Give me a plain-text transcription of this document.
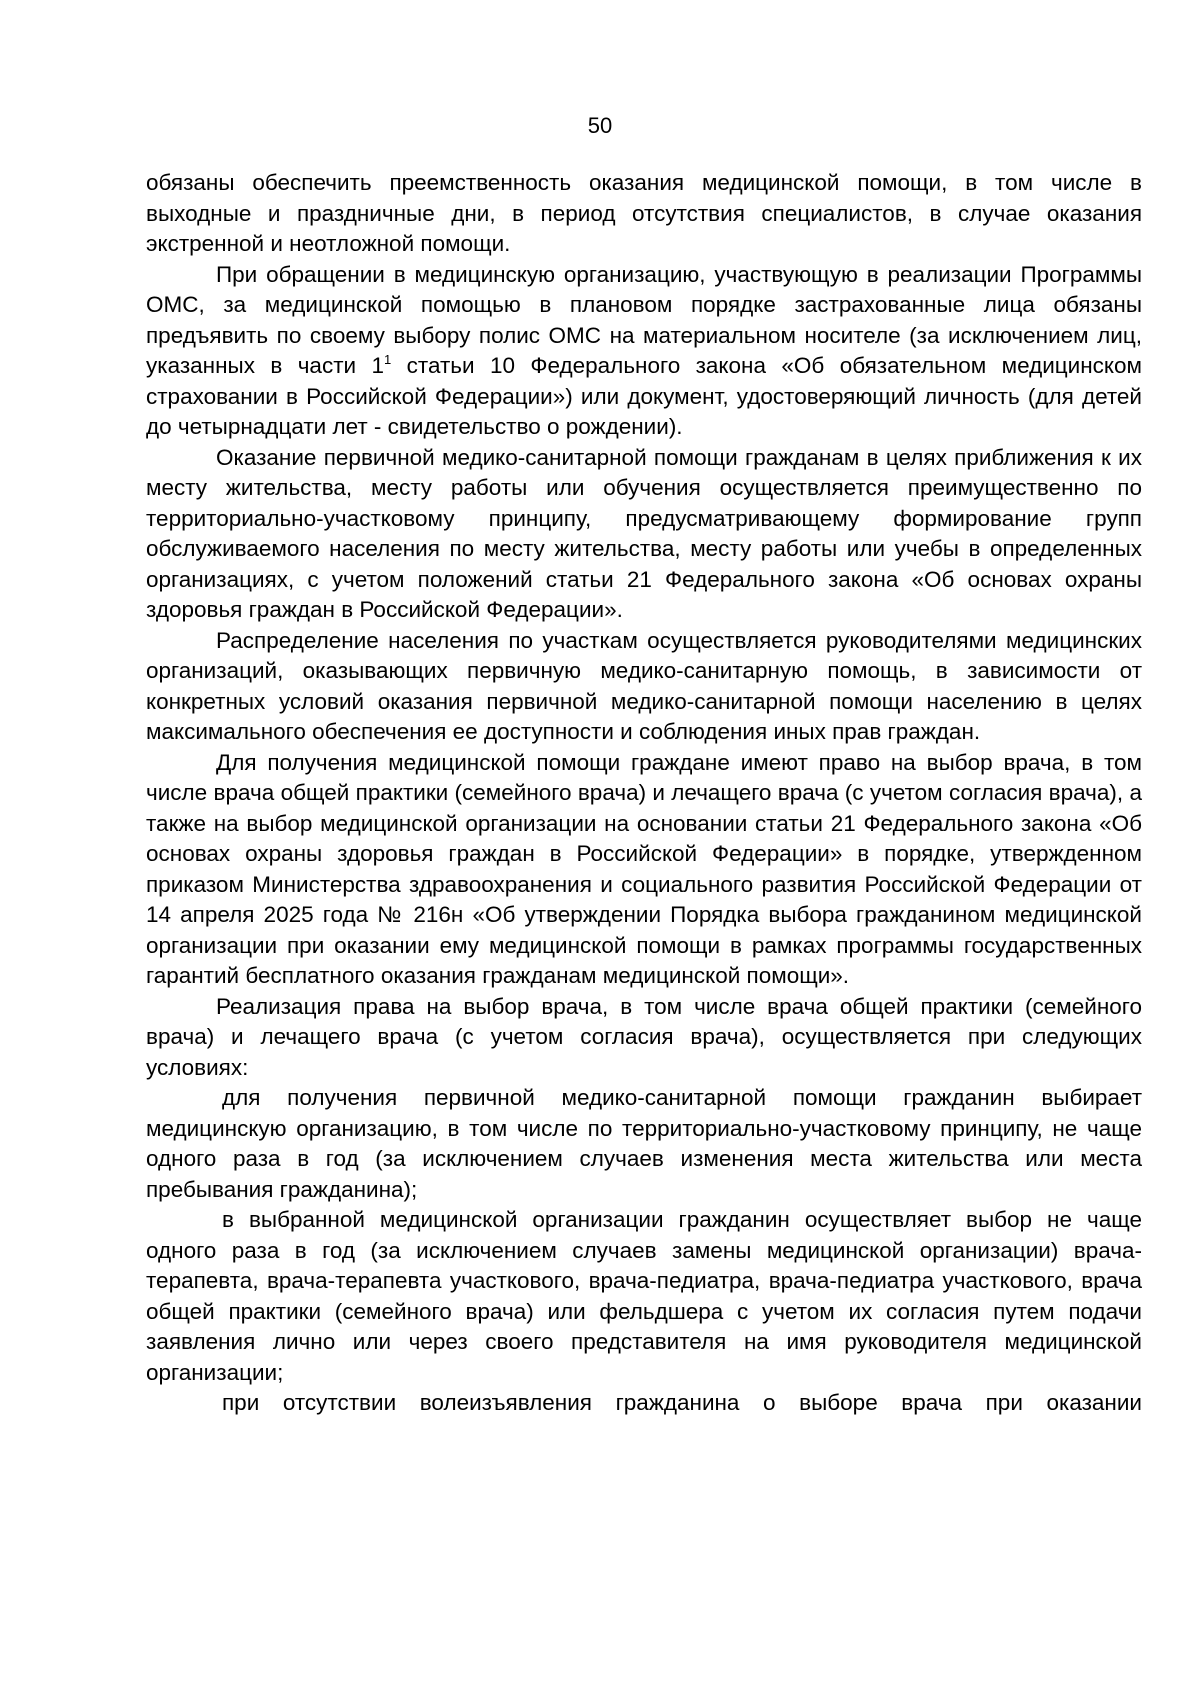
50

обязаны обеспечить преемственность оказания медицинской помощи, в том числе в выходные и праздничные дни, в период отсутствия специалистов, в случае оказания экстренной и неотложной помощи.

При обращении в медицинскую организацию, участвующую в реализации Программы ОМС, за медицинской помощью в плановом порядке застрахованные лица обязаны предъявить по своему выбору полис ОМС на материальном носителе (за исключением лиц, указанных в части $1^1$ статьи 10 Федерального закона «Об обязательном медицинском страховании в Российской Федерации») или документ, удостоверяющий личность (для детей до четырнадцати лет - свидетельство о рождении).

Оказание первичной медико-санитарной помощи гражданам в целях приближения к их месту жительства, месту работы или обучения осуществляется преимущественно по территориально-участковому принципу, предусматривающему формирование групп обслуживаемого населения по месту жительства, месту работы или учебы в определенных организациях, с учетом положений статьи 21 Федерального закона «Об основах охраны здоровья граждан в Российской Федерации».

Распределение населения по участкам осуществляется руководителями медицинских организаций, оказывающих первичную медико-санитарную помощь, в зависимости от конкретных условий оказания первичной медико-санитарной помощи населению в целях максимального обеспечения ее доступности и соблюдения иных прав граждан.

Для получения медицинской помощи граждане имеют право на выбор врача, в том числе врача общей практики (семейного врача) и лечащего врача (с учетом согласия врача), а также на выбор медицинской организации на основании статьи 21 Федерального закона «Об основах охраны здоровья граждан в Российской Федерации» в порядке, утвержденном приказом Министерства здравоохранения и социального развития Российской Федерации от 14 апреля 2025 года № 216н «Об утверждении Порядка выбора гражданином медицинской организации при оказании ему медицинской помощи в рамках программы государственных гарантий бесплатного оказания гражданам медицинской помощи».

Реализация права на выбор врача, в том числе врача общей практики (семейного врача) и лечащего врача (с учетом согласия врача), осуществляется при следующих условиях:

для получения первичной медико-санитарной помощи гражданин выбирает медицинскую организацию, в том числе по территориально-участковому принципу, не чаще одного раза в год (за исключением случаев изменения места жительства или места пребывания гражданина);

в выбранной медицинской организации гражданин осуществляет выбор не чаще одного раза в год (за исключением случаев замены медицинской организации) врача-терапевта, врача-терапевта участкового, врача-педиатра, врача-педиатра участкового, врача общей практики (семейного врача) или фельдшера с учетом их согласия путем подачи заявления лично или через своего представителя на имя руководителя медицинской организации;

при отсутствии волеизъявления гражданина о выборе врача при оказании
